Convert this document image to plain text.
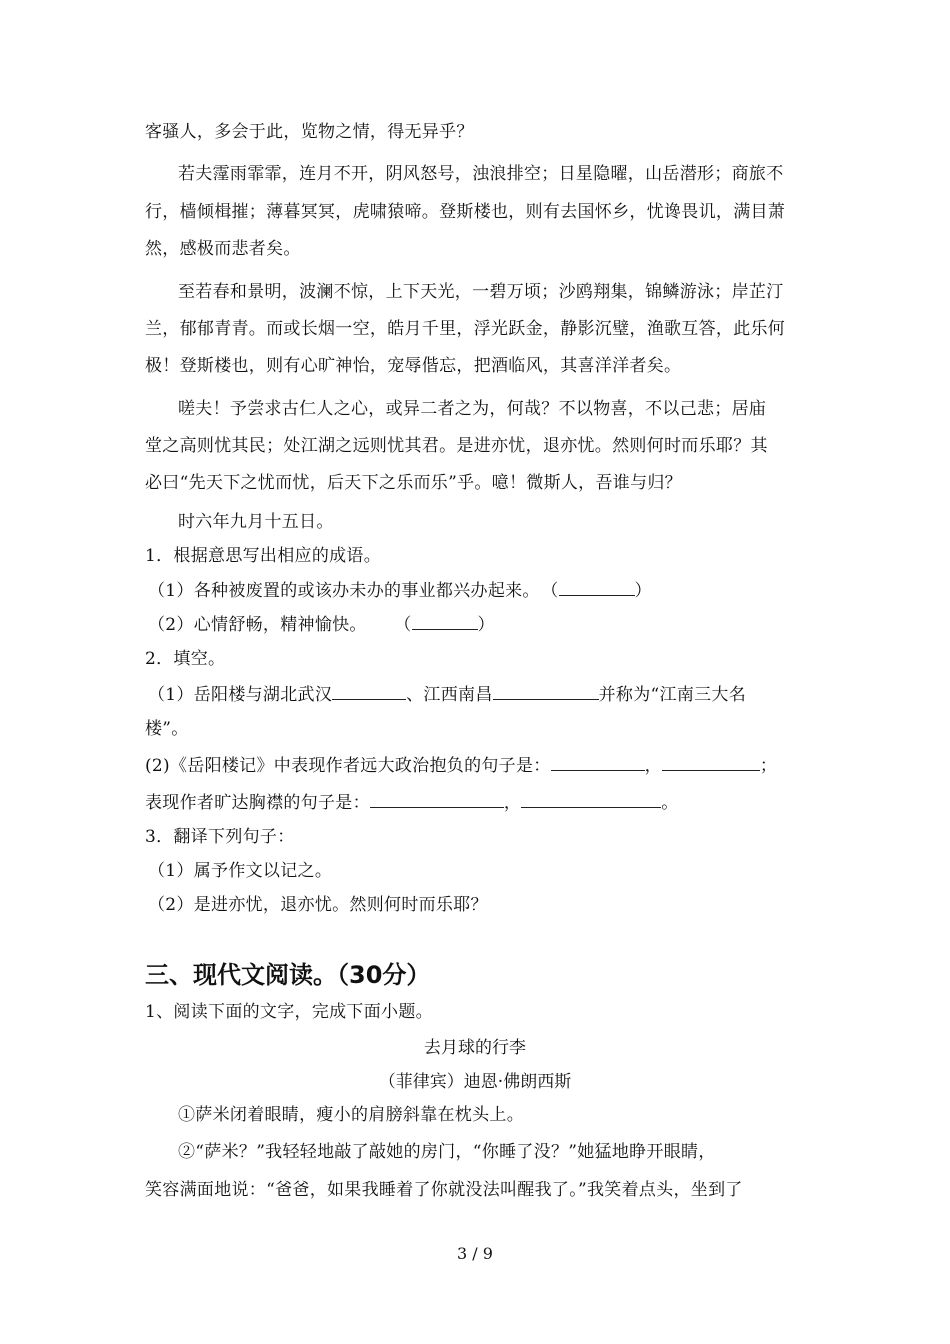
客骚人，多会于此，览物之情，得无异乎？
若夫霪雨霏霏，连月不开，阴风怒号，浊浪排空；日星隐曜，山岳潜形；商旅不
行，樯倾楫摧；薄暮冥冥，虎啸猿啼。登斯楼也，则有去国怀乡，忧谗畏讥，满目萧
然，感极而悲者矣。
至若春和景明，波澜不惊，上下天光，一碧万顷；沙鸥翔集，锦鳞游泳；岸芷汀
兰，郁郁青青。而或长烟一空，皓月千里，浮光跃金，静影沉璧，渔歌互答，此乐何
极！登斯楼也，则有心旷神怡，宠辱偕忘，把酒临风，其喜洋洋者矣。
嗟夫！予尝求古仁人之心，或异二者之为，何哉？不以物喜，不以己悲；居庙
堂之高则忧其民；处江湖之远则忧其君。是进亦忧，退亦忧。然则何时而乐耶？其
必曰“先天下之忧而忧，后天下之乐而乐”乎。噫！微斯人，吾谁与归？
时六年九月十五日。
1．根据意思写出相应的成语。
（1）各种被废置的或该办未办的事业都兴办起来。 （	）
（2）心情舒畅，精神愉快。 （	）
2．填空。
（1）岳阳楼与湖北武汉	、江西南昌	并称为“江南三大名
楼”。
(2)《岳阳楼记》中表现作者远大政治抱负的句子是：	，	；
表现作者旷达胸襟的句子是：	，	。
3．翻译下列句子：
（1）属予作文以记之。
（2）是进亦忧，退亦忧。然则何时而乐耶？
三、现代文阅读。（30分）
1、阅读下面的文字，完成下面小题。
去月球的行李
（菲律宾）迪恩·佛朗西斯
①萨米闭着眼睛，瘦小的肩膀斜靠在枕头上。
②“萨米？”我轻轻地敲了敲她的房门，“你睡了没？”她猛地睁开眼睛，
笑容满面地说：“爸爸，如果我睡着了你就没法叫醒我了。”我笑着点头，坐到了
3 / 9
